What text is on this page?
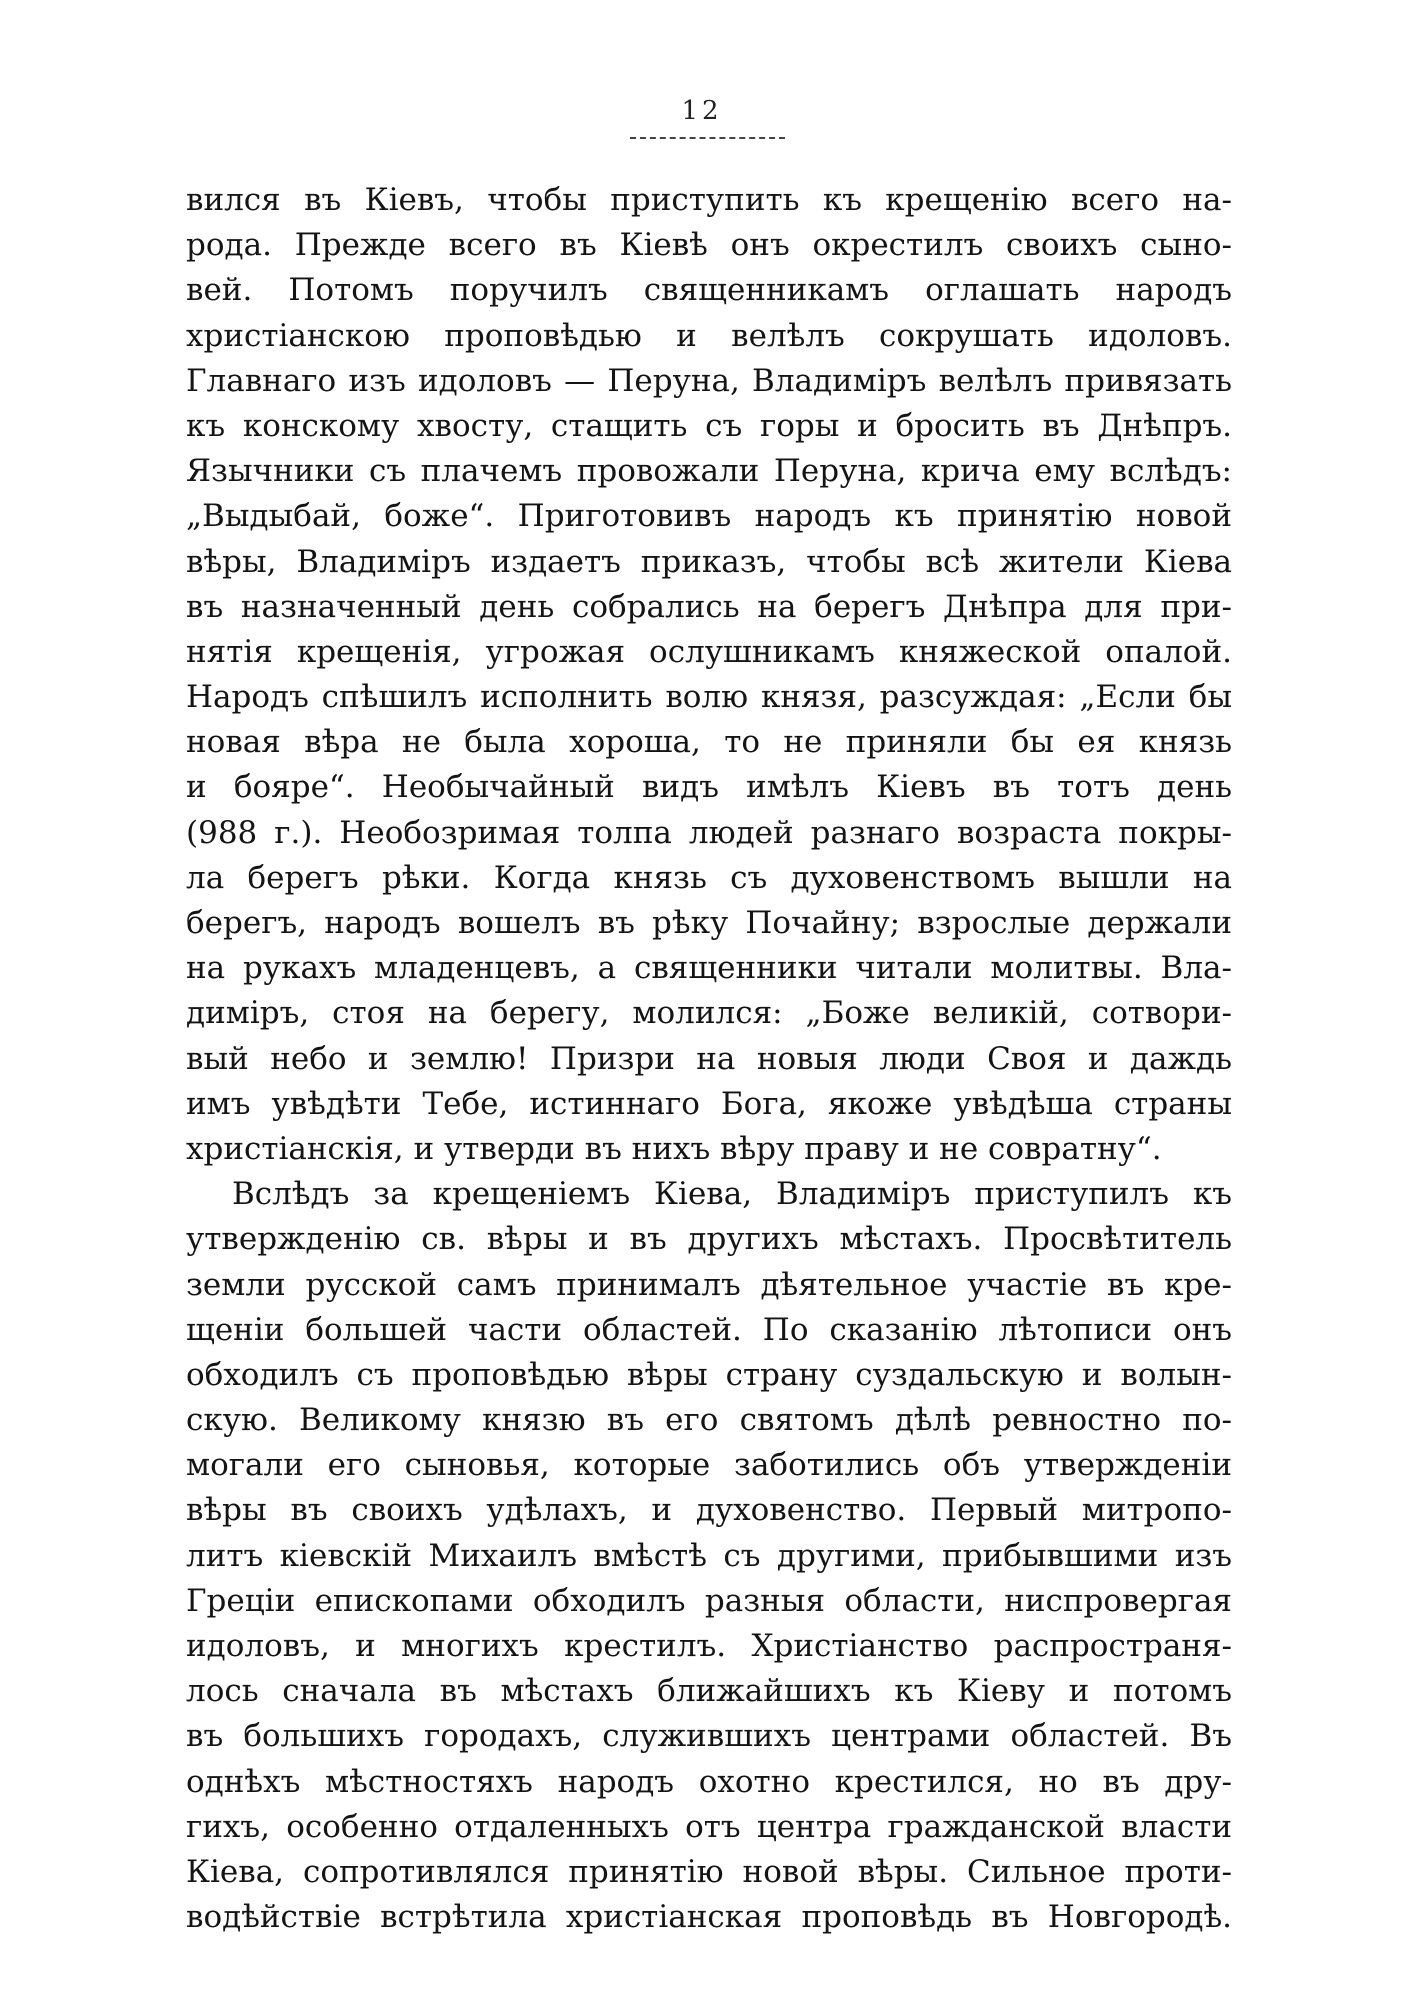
12
вился въ Кіевъ, чтобы приступить къ крещенію всего на-
рода. Прежде всего въ Кіевѣ онъ окрестилъ своихъ сыно-
вей. Потомъ поручилъ священникамъ оглашать народъ
христіанскою проповѣдью и велѣлъ сокрушать идоловъ.
Главнаго изъ идоловъ — Перуна, Владиміръ велѣлъ привязать
къ конскому хвосту, стащить съ горы и бросить въ Днѣпръ.
Язычники съ плачемъ провожали Перуна, крича ему вслѣдъ:
„Выдыбай, боже“. Приготовивъ народъ къ принятію новой
вѣры, Владиміръ издаетъ приказъ, чтобы всѣ жители Кіева
въ назначенный день собрались на берегъ Днѣпра для при-
нятія крещенія, угрожая ослушникамъ княжеской опалой.
Народъ спѣшилъ исполнить волю князя, разсуждая: „Если бы
новая вѣра не была хороша, то не приняли бы ея князь
и бояре“. Необычайный видъ имѣлъ Кіевъ въ тотъ день
(988 г.). Необозримая толпа людей разнаго возраста покры-
ла берегъ рѣки. Когда князь съ духовенствомъ вышли на
берегъ, народъ вошелъ въ рѣку Почайну; взрослые держали
на рукахъ младенцевъ, а священники читали молитвы. Вла-
диміръ, стоя на берегу, молился: „Боже великій, сотвори-
вый небо и землю! Призри на новыя люди Своя и даждь
имъ увѣдѣти Тебе, истиннаго Бога, якоже увѣдѣша страны
христіанскія, и утверди въ нихъ вѣру праву и не совратну“.
Вслѣдъ за крещеніемъ Кіева, Владиміръ приступилъ къ
утвержденію св. вѣры и въ другихъ мѣстахъ. Просвѣтитель
земли русской самъ принималъ дѣятельное участіе въ кре-
щеніи большей части областей. По сказанію лѣтописи онъ
обходилъ съ проповѣдью вѣры страну суздальскую и волын-
скую. Великому князю въ его святомъ дѣлѣ ревностно по-
могали его сыновья, которые заботились объ утвержденіи
вѣры въ своихъ удѣлахъ, и духовенство. Первый митропо-
литъ кіевскій Михаилъ вмѣстѣ съ другими, прибывшими изъ
Греціи епископами обходилъ разныя области, ниспровергая
идоловъ, и многихъ крестилъ. Христіанство распространя-
лось сначала въ мѣстахъ ближайшихъ къ Кіеву и потомъ
въ большихъ городахъ, служившихъ центрами областей. Въ
однѣхъ мѣстностяхъ народъ охотно крестился, но въ дру-
гихъ, особенно отдаленныхъ отъ центра гражданской власти
Кіева, сопротивлялся принятію новой вѣры. Сильное проти-
водѣйствіе встрѣтила христіанская проповѣдь въ Новгородѣ.
